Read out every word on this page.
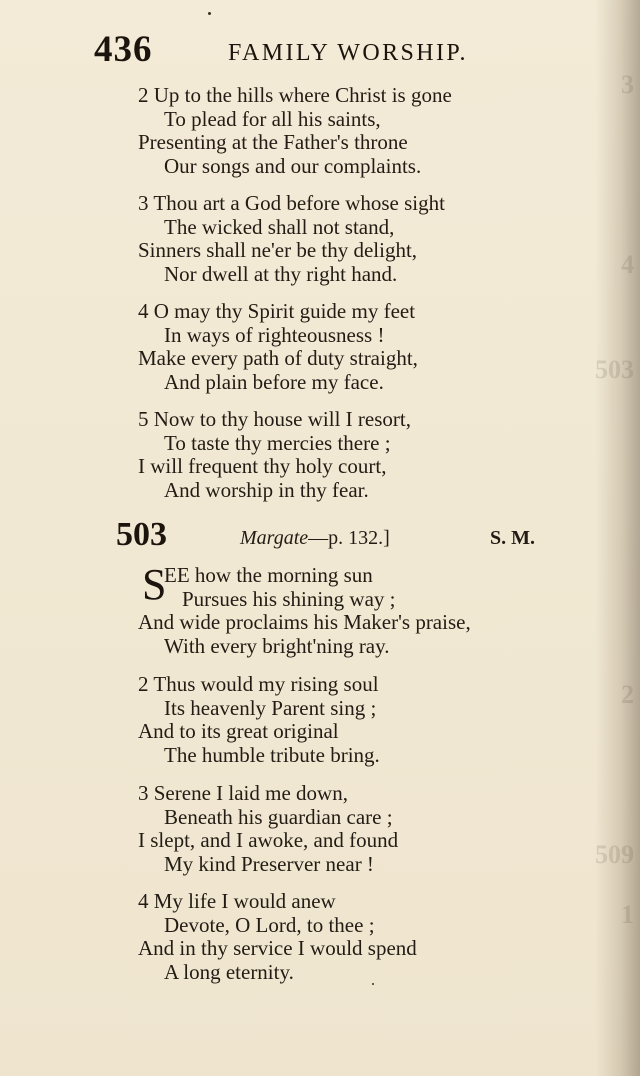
3
4
503
2
509
1
436	FAMILY WORSHIP.
2 Up to the hills where Christ is gone
To plead for all his saints,
Presenting at the Father's throne
Our songs and our complaints.
3 Thou art a God before whose sight
The wicked shall not stand,
Sinners shall ne'er be thy delight,
Nor dwell at thy right hand.
4 O may thy Spirit guide my feet
In ways of righteousness !
Make every path of duty straight,
And plain before my face.
5 Now to thy house will I resort,
To taste thy mercies there ;
I will frequent thy holy court,
And worship in thy fear.
503	Margate—p. 132.]	S. M.
S
EE how the morning sun
Pursues his shining way ;
And wide proclaims his Maker's praise,
With every bright'ning ray.
2 Thus would my rising soul
Its heavenly Parent sing ;
And to its great original
The humble tribute bring.
3 Serene I laid me down,
Beneath his guardian care ;
I slept, and I awoke, and found
My kind Preserver near !
4 My life I would anew
Devote, O Lord, to thee ;
And in thy service I would spend
A long eternity.
